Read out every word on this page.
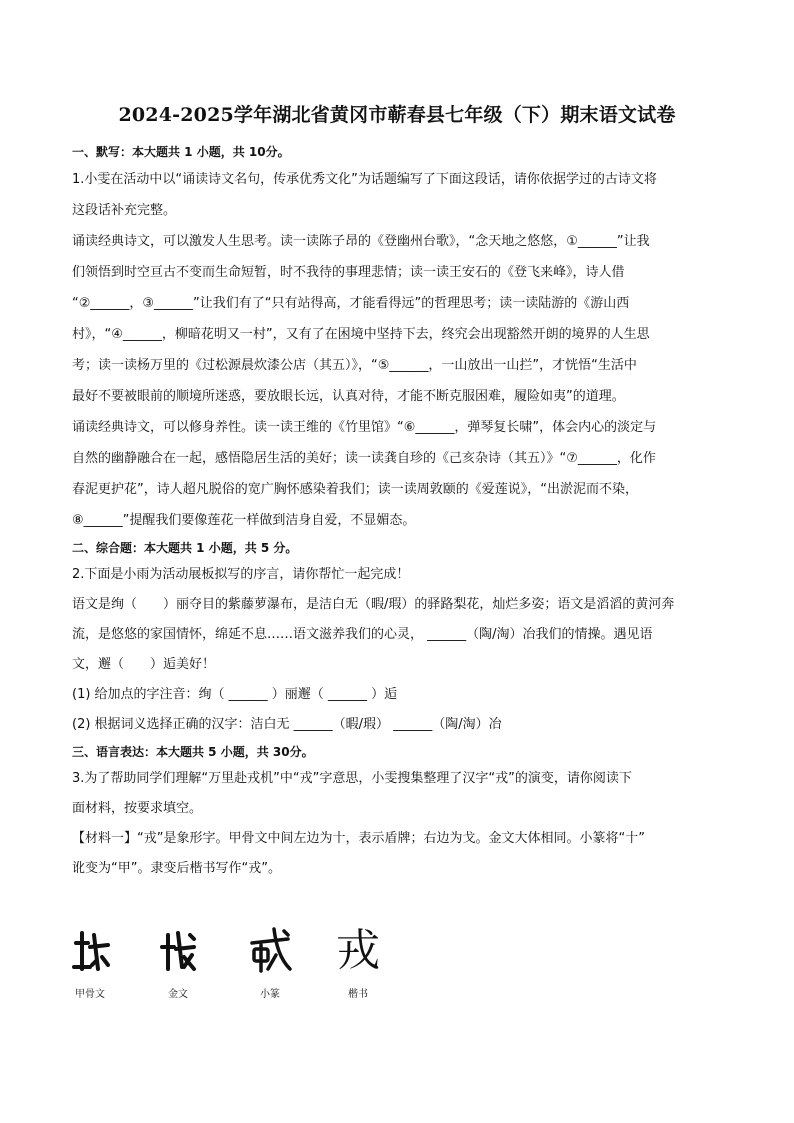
2024-2025学年湖北省黄冈市蕲春县七年级（下）期末语文试卷
一、默写：本大题共 1 小题，共 10分。
1.小雯在活动中以“诵读诗文名句，传承优秀文化”为话题编写了下面这段话，请你依据学过的古诗文将
这段话补充完整。
诵读经典诗文，可以激发人生思考。读一读陈子昂的《登幽州台歌》，“念天地之悠悠，①______”让我
们领悟到时空亘古不变而生命短暂，时不我待的事理悲情；读一读王安石的《登飞来峰》，诗人借
“②______，③______”让我们有了“只有站得高，才能看得远”的哲理思考；读一读陆游的《游山西
村》，“④______，柳暗花明又一村”，又有了在困境中坚持下去，终究会出现豁然开朗的境界的人生思
考；读一读杨万里的《过松源晨炊漆公店（其五）》，“⑤______，一山放出一山拦”，才恍悟“生活中
最好不要被眼前的顺境所迷惑，要放眼长远，认真对待，才能不断克服困难，履险如夷”的道理。
诵读经典诗文，可以修身养性。读一读王维的《竹里馆》“⑥______，弹琴复长啸”，体会内心的淡定与
自然的幽静融合在一起，感悟隐居生活的美好；读一读龚自珍的《己亥杂诗（其五）》“⑦______，化作
春泥更护花”，诗人超凡脱俗的宽广胸怀感染着我们；读一读周敦颐的《爱莲说》，“出淤泥而不染，
⑧______”提醒我们要像莲花一样做到洁身自爱，不显媚态。
二、综合题：本大题共 1 小题，共 5 分。
2.下面是小雨为活动展板拟写的序言，请你帮忙一起完成！
语文是绚（　　）丽夺目的紫藤萝瀑布，是洁白无（暇/瑕）的驿路梨花，灿烂多姿；语文是滔滔的黄河奔
流，是悠悠的家国情怀，绵延不息……语文滋养我们的心灵， ______（陶/淘）冶我们的情操。遇见语
文，邂（　　）逅美好！
(1) 给加点的字注音：绚（ ______ ）丽邂（ ______ ）逅
(2) 根据词义选择正确的汉字：洁白无 ______（暇/瑕） ______（陶/淘）冶
三、语言表达：本大题共 5 小题，共 30分。
3.为了帮助同学们理解“万里赴戎机”中“戎”字意思，小雯搜集整理了汉字“戎”的演变，请你阅读下
面材料，按要求填空。
【材料一】“戎”是象形字。甲骨文中间左边为十，表示盾牌；右边为戈。金文大体相同。小篆将“十”
讹变为“甲”。隶变后楷书写作“戎”。
甲骨文	金文	小篆
戎
楷书
